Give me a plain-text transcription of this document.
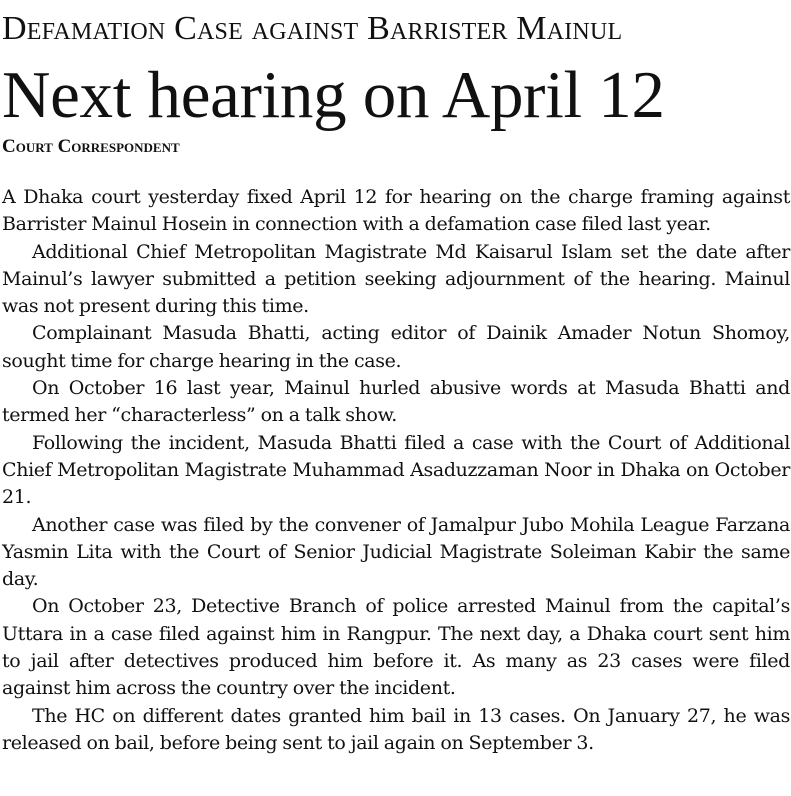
Defamation Case against Barrister Mainul
Next hearing on April 12
Court Correspondent

A Dhaka court yesterday fixed April 12 for hearing on the charge framing against Barrister Mainul Hosein in connection with a defamation case filed last year.

Additional Chief Metropolitan Magistrate Md Kaisarul Islam set the date after Mainul’s lawyer submitted a petition seeking adjournment of the hearing. Mainul was not present during this time.

Complainant Masuda Bhatti, acting editor of Dainik Amader Notun Shomoy, sought time for charge hearing in the case.

On October 16 last year, Mainul hurled abusive words at Masuda Bhatti and termed her “characterless” on a talk show.

Following the incident, Masuda Bhatti filed a case with the Court of Additional Chief Metropolitan Magistrate Muhammad Asaduzzaman Noor in Dhaka on October 21.

Another case was filed by the convener of Jamalpur Jubo Mohila League Farzana Yasmin Lita with the Court of Senior Judicial Magistrate Soleiman Kabir the same day.

On October 23, Detective Branch of police arrested Mainul from the capital’s Uttara in a case filed against him in Rangpur. The next day, a Dhaka court sent him to jail after detectives produced him before it. As many as 23 cases were filed against him across the country over the incident.

The HC on different dates granted him bail in 13 cases. On January 27, he was released on bail, before being sent to jail again on September 3.
